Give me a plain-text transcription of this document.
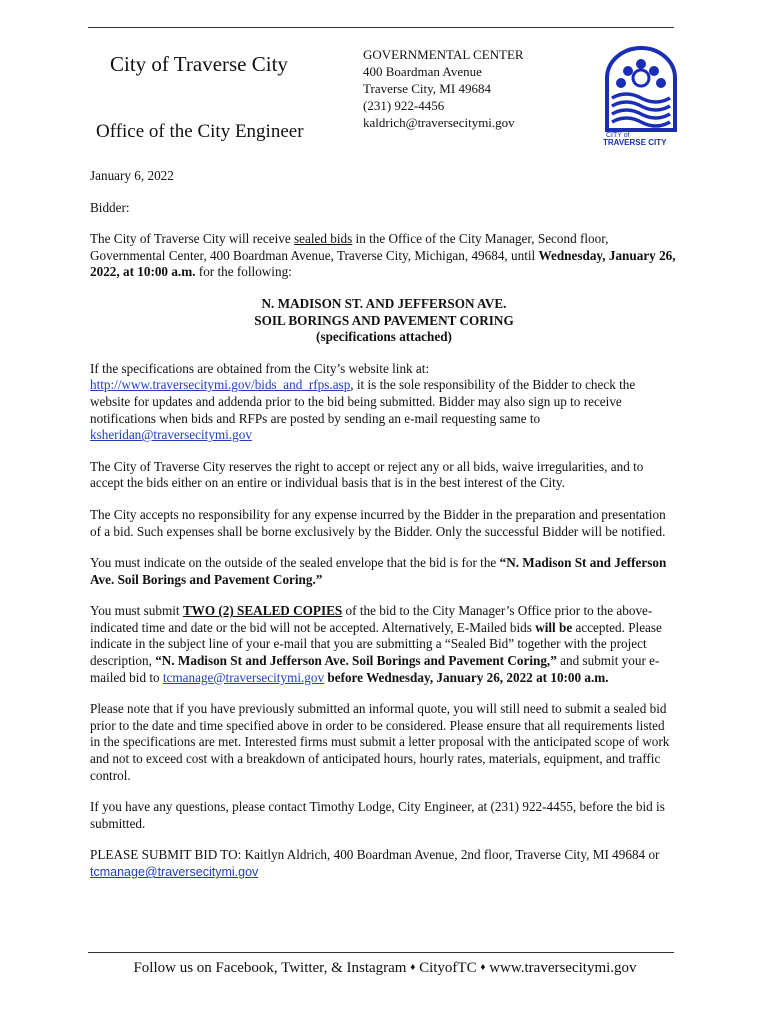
City of Traverse City
Office of the City Engineer
GOVERNMENTAL CENTER
400 Boardman Avenue
Traverse City, MI 49684
(231) 922-4456
kaldrich@traversecitymi.gov
CITY of
TRAVERSE CITY

January 6, 2022

Bidder:

The City of Traverse City will receive sealed bids in the Office of the City Manager, Second floor, Governmental Center, 400 Boardman Avenue, Traverse City, Michigan, 49684, until Wednesday, January 26, 2022, at 10:00 a.m. for the following:

N. MADISON ST. AND JEFFERSON AVE.
SOIL BORINGS AND PAVEMENT CORING
(specifications attached)

If the specifications are obtained from the City’s website link at: http://www.traversecitymi.gov/bids_and_rfps.asp, it is the sole responsibility of the Bidder to check the website for updates and addenda prior to the bid being submitted. Bidder may also sign up to receive notifications when bids and RFPs are posted by sending an e-mail requesting same to ksheridan@traversecitymi.gov

The City of Traverse City reserves the right to accept or reject any or all bids, waive irregularities, and to accept the bids either on an entire or individual basis that is in the best interest of the City.

The City accepts no responsibility for any expense incurred by the Bidder in the preparation and presentation of a bid. Such expenses shall be borne exclusively by the Bidder. Only the successful Bidder will be notified.

You must indicate on the outside of the sealed envelope that the bid is for the “N. Madison St and Jefferson Ave. Soil Borings and Pavement Coring.”

You must submit TWO (2) SEALED COPIES of the bid to the City Manager’s Office prior to the above-indicated time and date or the bid will not be accepted. Alternatively, E-Mailed bids will be accepted. Please indicate in the subject line of your e-mail that you are submitting a “Sealed Bid” together with the project description, “N. Madison St and Jefferson Ave. Soil Borings and Pavement Coring,” and submit your e-mailed bid to tcmanage@traversecitymi.gov before Wednesday, January 26, 2022 at 10:00 a.m.

Please note that if you have previously submitted an informal quote, you will still need to submit a sealed bid prior to the date and time specified above in order to be considered. Please ensure that all requirements listed in the specifications are met. Interested firms must submit a letter proposal with the anticipated scope of work and not to exceed cost with a breakdown of anticipated hours, hourly rates, materials, equipment, and traffic control.

If you have any questions, please contact Timothy Lodge, City Engineer, at (231) 922-4455, before the bid is submitted.

PLEASE SUBMIT BID TO: Kaitlyn Aldrich, 400 Boardman Avenue, 2nd floor, Traverse City, MI 49684 or tcmanage@traversecitymi.gov

Follow us on Facebook, Twitter, & Instagram ♦ CityofTC ♦ www.traversecitymi.gov
